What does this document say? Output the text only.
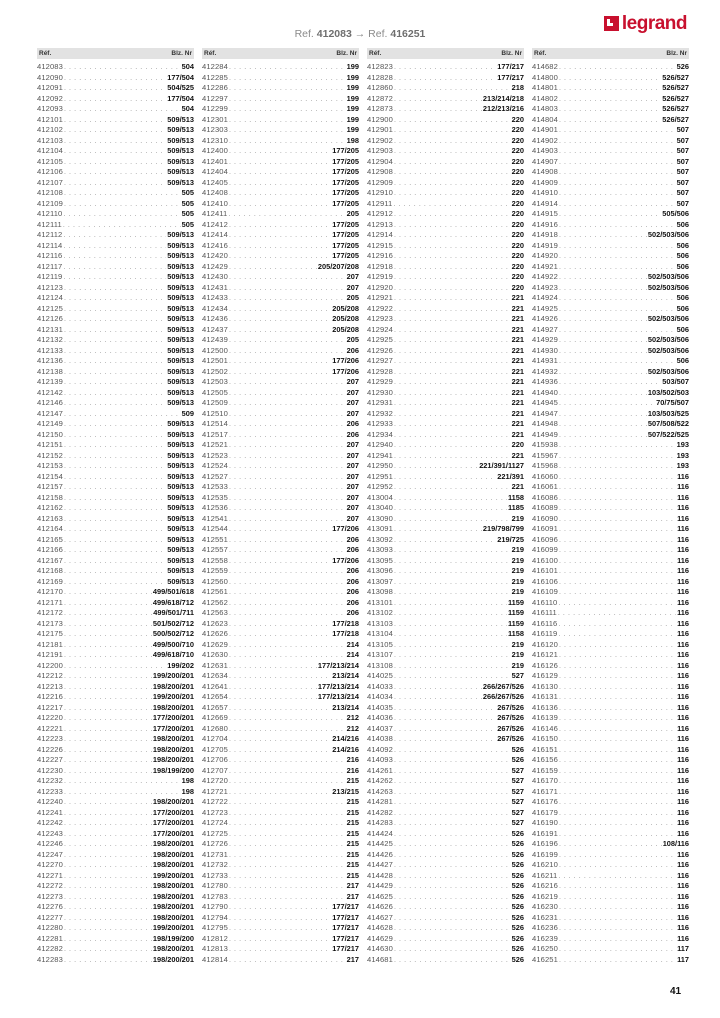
Ref. 412083 → Ref. 416251	legrand
Réf.	Blz. Nr
412083 . . .	504
412090 . . .	177/504
412091 . . .	504/525
412092 . . .	177/504
412093 . . .	504
412101 . . .	509/513
412102 . . .	509/513
412103 . . .	509/513
412104 . . .	509/513
412105 . . .	509/513
412106 . . .	509/513
412107 . . .	509/513
412108 . . .	505
412109 . . .	505
412110 . . .	505
412111 . . .	505
412112 . . .	509/513
412114 . . .	509/513
412116 . . .	509/513
412117 . . .	509/513
412119 . . .	509/513
412123 . . .	509/513
412124 . . .	509/513
412125 . . .	509/513
412126 . . .	509/513
412131 . . .	509/513
412132 . . .	509/513
412133 . . .	509/513
412136 . . .	509/513
412138 . . .	509/513
412139 . . .	509/513
412142 . . .	509/513
412146 . . .	509/513
412147 . . .	509
412149 . . .	509/513
412150 . . .	509/513
412151 . . .	509/513
412152 . . .	509/513
412153 . . .	509/513
412154 . . .	509/513
412157 . . .	509/513
412158 . . .	509/513
412162 . . .	509/513
412163 . . .	509/513
412164 . . .	509/513
412165 . . .	509/513
412166 . . .	509/513
412167 . . .	509/513
412168 . . .	509/513
412169 . . .	509/513
412170 . . .	499/501/618
412171 . . .	499/618/712
412172 . . .	499/501/711
412173 . . .	501/502/712
412175 . . .	500/502/712
412181 . . .	499/500/710
412191 . . .	499/618/710
412200 . . .	199/202
412212 . . .	199/200/201
412213 . . .	198/200/201
412216 . . .	199/200/201
412217 . . .	198/200/201
412220 . . .	177/200/201
412221 . . .	177/200/201
412223 . . .	198/200/201
412226 . . .	198/200/201
412227 . . .	198/200/201
412230 . . .	198/199/200
412232 . . .	198
412233 . . .	198
412240 . . .	198/200/201
412241 . . .	177/200/201
412242 . . .	177/200/201
412243 . . .	177/200/201
412246 . . .	198/200/201
412247 . . .	198/200/201
412270 . . .	198/200/201
412271 . . .	199/200/201
412272 . . .	198/200/201
412273 . . .	198/200/201
412276 . . .	198/200/201
412277 . . .	198/200/201
412280 . . .	199/200/201
412281 . . .	198/199/200
412282 . . .	198/200/201
412283 . . .	198/200/201
Réf.	Blz. Nr
412284 . . .	199
412285 . . .	199
412286 . . .	199
412297 . . .	199
412299 . . .	199
412301 . . .	199
412303 . . .	199
412310 . . .	198
412400 . . .	177/205
412401 . . .	177/205
412404 . . .	177/205
412405 . . .	177/205
412408 . . .	177/205
412410 . . .	177/205
412411 . . .	205
412412 . . .	177/205
412414 . . .	177/205
412416 . . .	177/205
412420 . . .	177/205
412429 . . .	205/207/208
412430 . . .	207
412431 . . .	207
412433 . . .	205
412434 . . .	205/208
412436 . . .	205/208
412437 . . .	205/208
412439 . . .	205
412500 . . .	206
412501 . . .	177/206
412502 . . .	177/206
412503 . . .	207
412505 . . .	207
412509 . . .	207
412510 . . .	207
412514 . . .	206
412517 . . .	206
412521 . . .	207
412523 . . .	207
412524 . . .	207
412527 . . .	207
412533 . . .	207
412535 . . .	207
412536 . . .	207
412541 . . .	207
412544 . . .	177/206
412551 . . .	206
412557 . . .	206
412558 . . .	177/206
412559 . . .	206
412560 . . .	206
412561 . . .	206
412562 . . .	206
412563 . . .	206
412623 . . .	177/218
412626 . . .	177/218
412629 . . .	214
412630 . . .	214
412631 . . .	177/213/214
412634 . . .	213/214
412641 . . .	177/213/214
412654 . . .	177/213/214
412657 . . .	213/214
412669 . . .	212
412680 . . .	212
412704 . . .	214/216
412705 . . .	214/216
412706 . . .	216
412707 . . .	216
412720 . . .	215
412721 . . .	213/215
412722 . . .	215
412723 . . .	215
412724 . . .	215
412725 . . .	215
412726 . . .	215
412731 . . .	215
412732 . . .	215
412733 . . .	215
412780 . . .	217
412783 . . .	217
412790 . . .	177/217
412794 . . .	177/217
412795 . . .	177/217
412812 . . .	177/217
412813 . . .	177/217
412814 . . .	217
Réf.	Blz. Nr
412823 . . .	177/217
412828 . . .	177/217
412860 . . .	218
412872 . . .	213/214/218
412873 . . .	212/213/216
412900 . . .	220
412901 . . .	220
412902 . . .	220
412903 . . .	220
412904 . . .	220
412908 . . .	220
412909 . . .	220
412910 . . .	220
412911 . . .	220
412912 . . .	220
412913 . . .	220
412914 . . .	220
412915 . . .	220
412916 . . .	220
412918 . . .	220
412919 . . .	220
412920 . . .	220
412921 . . .	221
412922 . . .	221
412923 . . .	221
412924 . . .	221
412925 . . .	221
412926 . . .	221
412927 . . .	221
412928 . . .	221
412929 . . .	221
412930 . . .	221
412931 . . .	221
412932 . . .	221
412933 . . .	221
412934 . . .	221
412940 . . .	220
412941 . . .	221
412950 . . .	221/391/1127
412951 . . .	221/391
412952 . . .	221
413004 . . .	1158
413040 . . .	1185
413090 . . .	219
413091 . . .	219/798/799
413092 . . .	219/725
413093 . . .	219
413095 . . .	219
413096 . . .	219
413097 . . .	219
413098 . . .	219
413101 . . .	1159
413102 . . .	1159
413103 . . .	1159
413104 . . .	1158
413105 . . .	219
413107 . . .	219
413108 . . .	219
414025 . . .	527
414033 . . .	266/267/526
414034 . . .	266/267/526
414035 . . .	267/526
414036 . . .	267/526
414037 . . .	267/526
414038 . . .	267/526
414092 . . .	526
414093 . . .	526
414261 . . .	527
414262 . . .	527
414263 . . .	527
414281 . . .	527
414282 . . .	527
414283 . . .	527
414424 . . .	526
414425 . . .	526
414426 . . .	526
414427 . . .	526
414428 . . .	526
414429 . . .	526
414625 . . .	526
414626 . . .	526
414627 . . .	526
414628 . . .	526
414629 . . .	526
414630 . . .	526
414681 . . .	526
Réf.	Blz. Nr
414682 . . .	526
414800 . . .	526/527
414801 . . .	526/527
414802 . . .	526/527
414803 . . .	526/527
414804 . . .	526/527
414901 . . .	507
414902 . . .	507
414903 . . .	507
414907 . . .	507
414908 . . .	507
414909 . . .	507
414910 . . .	507
414914 . . .	507
414915 . . .	505/506
414916 . . .	506
414918 . . .	502/503/506
414919 . . .	506
414920 . . .	506
414921 . . .	506
414922 . . .	502/503/506
414923 . . .	502/503/506
414924 . . .	506
414925 . . .	506
414926 . . .	502/503/506
414927 . . .	506
414929 . . .	502/503/506
414930 . . .	502/503/506
414931 . . .	506
414932 . . .	502/503/506
414936 . . .	503/507
414940 . . .	103/502/503
414945 . . .	70/75/507
414947 . . .	103/503/525
414948 . . .	507/508/522
414949 . . .	507/522/525
415938 . . .	193
415967 . . .	193
415968 . . .	193
416060 . . .	116
416061 . . .	116
416086 . . .	116
416089 . . .	116
416090 . . .	116
416091 . . .	116
416096 . . .	116
416099 . . .	116
416100 . . .	116
416101 . . .	116
416106 . . .	116
416109 . . .	116
416110 . . .	116
416111 . . .	116
416116 . . .	116
416119 . . .	116
416120 . . .	116
416121 . . .	116
416126 . . .	116
416129 . . .	116
416130 . . .	116
416131 . . .	116
416136 . . .	116
416139 . . .	116
416146 . . .	116
416150 . . .	116
416151 . . .	116
416156 . . .	116
416159 . . .	116
416170 . . .	116
416171 . . .	116
416176 . . .	116
416179 . . .	116
416190 . . .	116
416191 . . .	116
416196 . . .	108/116
416199 . . .	116
416210 . . .	116
416211 . . .	116
416216 . . .	116
416219 . . .	116
416230 . . .	116
416231 . . .	116
416236 . . .	116
416239 . . .	116
416250 . . .	117
416251 . . .	117
41
